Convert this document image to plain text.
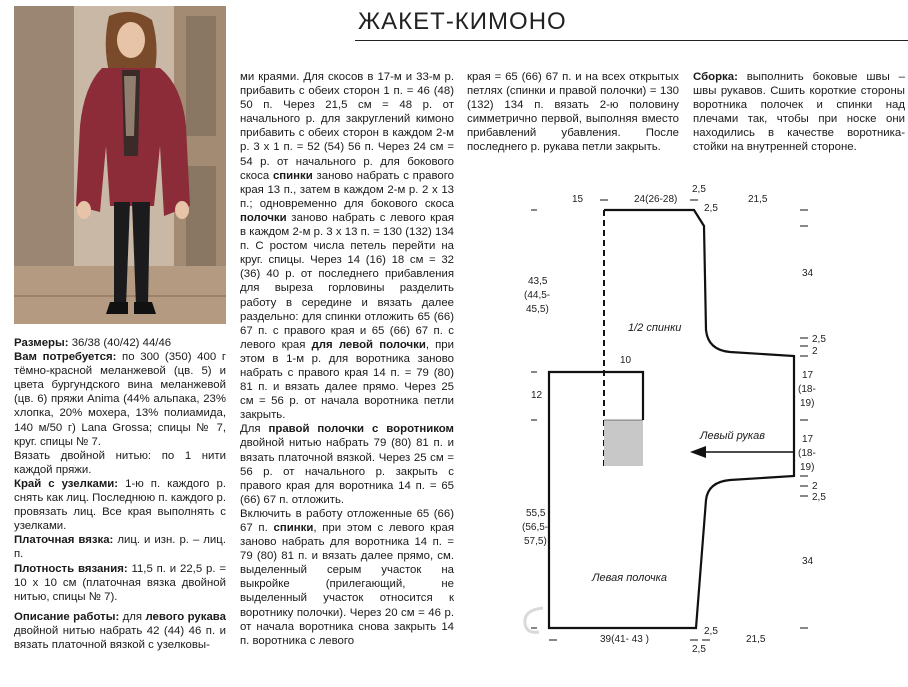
ЖАКЕТ-КИМОНО

Размеры: 36/38 (40/42) 44/46

Вам потребуется: по 300 (350) 400 г тёмно-красной меланжевой (цв. 5) и цвета бургундского вина меланжевой (цв. 6) пряжи Anima (44% альпака, 23% хлопка, 20% мохера, 13% полиамида, 140 м/50 г) Lana Grossa; спицы № 7, круг. спицы № 7.

Вязать двойной нитью: по 1 нити каждой пряжи.

Край с узелками: 1-ю п. каждого р. снять как лиц. Последнюю п. каждого р. провязать лиц. Все края выполнять с узелками.

Платочная вязка: лиц. и изн. р. – лиц. п.

Плотность вязания: 11,5 п. и 22,5 р. = 10 х 10 см (платочная вязка двойной нитью, спицы № 7).

Описание работы: для левого рукава двойной нитью набрать 42 (44) 46 п. и вязать платочной вязкой с узелковы-

ми краями. Для скосов в 17-м и 33-м р. прибавить с обеих сторон 1 п. = 46 (48) 50 п. Через 21,5 см = 48 р. от начального р. для закруглений кимоно прибавить с обеих сторон в каждом 2-м р. 3 х 1 п. = 52 (54) 56 п. Через 24 см = 54 р. от начального р. для бокового скоса спинки заново набрать с правого края 13 п., затем в каждом 2-м р. 2 х 13 п.; одновременно для бокового скоса полочки заново набрать с левого края в каждом 2-м р. 3 х 13 п. = 130 (132) 134 п. С ростом числа петель перейти на круг. спицы. Через 14 (16) 18 см = 32 (36) 40 р. от последнего прибавления для выреза горловины разделить работу в середине и вязать далее раздельно: для спинки отложить 65 (66) 67 п. с правого края и 65 (66) 67 п. с левого края для левой полочки, при этом в 1-м р. для воротника заново набрать с правого края 14 п. = 79 (80) 81 п. и вязать далее прямо. Через 25 см = 56 р. от начала воротника петли закрыть.

Для правой полочки с воротником двойной нитью набрать 79 (80) 81 п. и вязать платочной вязкой. Через 25 см = 56 р. от начального р. закрыть с правого края для воротника 14 п. = 65 (66) 67 п. отложить.

Включить в работу отложенные 65 (66) 67 п. спинки, при этом с левого края заново набрать для воротника 14 п. = 79 (80) 81 п. и вязать далее прямо, см. выделенный серым участок на выкройке (прилегающий, не выделенный участок относится к воротнику полочки). Через 20 см = 46 р. от начала воротника снова закрыть 14 п. воротника с левого

края = 65 (66) 67 п. и на всех открытых петлях (спинки и правой полочки) = 130 (132) 134 п. вязать 2-ю половину симметрично первой, выполняя вместо прибавлений убавления. После последнего р. рукава петли закрыть.

Сборка: выполнить боковые швы – швы рукавов. Сшить короткие стороны воротника полочек и спинки над плечами так, чтобы при носке они находились в качестве воротника-стойки на внутренней стороне.

15	24(26-28)
2,5
2,5
21,5
43,5
(44,5-
45,5)
12
55,5
(56,5-
57,5)
34
2,5
2
17
(18-
19)
17
(18-
19)
2
2,5
34
10
1/2 спинки
Левый рукав
Левая полочка
39(41- 43 )
2,5
2,5
21,5
